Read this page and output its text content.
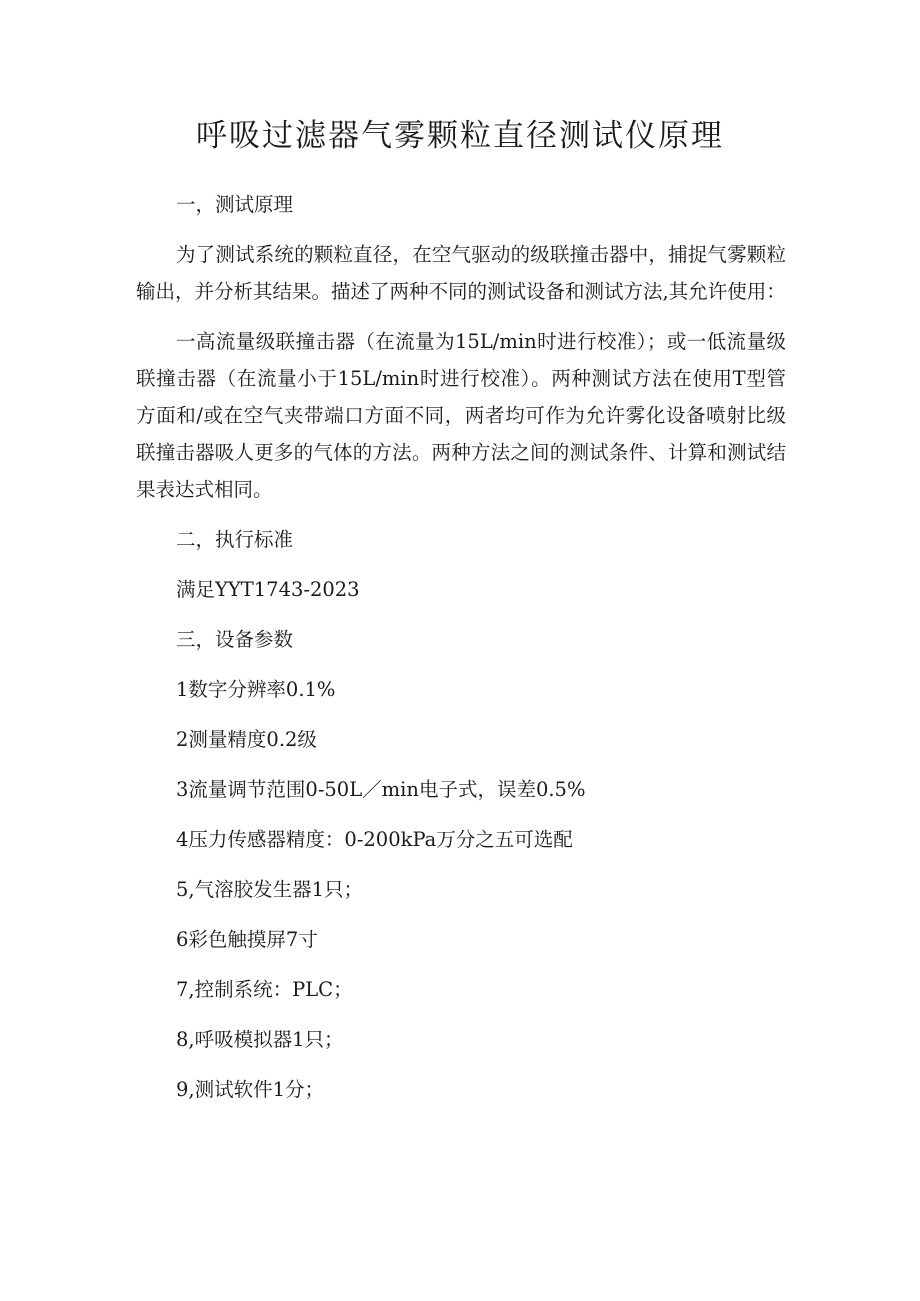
呼吸过滤器气雾颗粒直径测试仪原理
一，测试原理
为了测试系统的颗粒直径，在空气驱动的级联撞击器中，捕捉气雾颗粒输出，并分析其结果。描述了两种不同的测试设备和测试方法,其允许使用：
一高流量级联撞击器（在流量为15L/min时进行校准）；或一低流量级联撞击器（在流量小于15L/min时进行校准）。两种测试方法在使用T型管方面和/或在空气夹带端口方面不同，两者均可作为允许雾化设备喷射比级联撞击器吸人更多的气体的方法。两种方法之间的测试条件、计算和测试结果表达式相同。
二，执行标准
满足YYT1743-2023
三，设备参数
1数字分辨率0.1%
2测量精度0.2级
3流量调节范围0-50L／min电子式，误差0.5%
4压力传感器精度：0-200kPa万分之五可选配
5,气溶胶发生器1只；
6彩色触摸屏7寸
7,控制系统：PLC；
8,呼吸模拟器1只；
9,测试软件1分；
